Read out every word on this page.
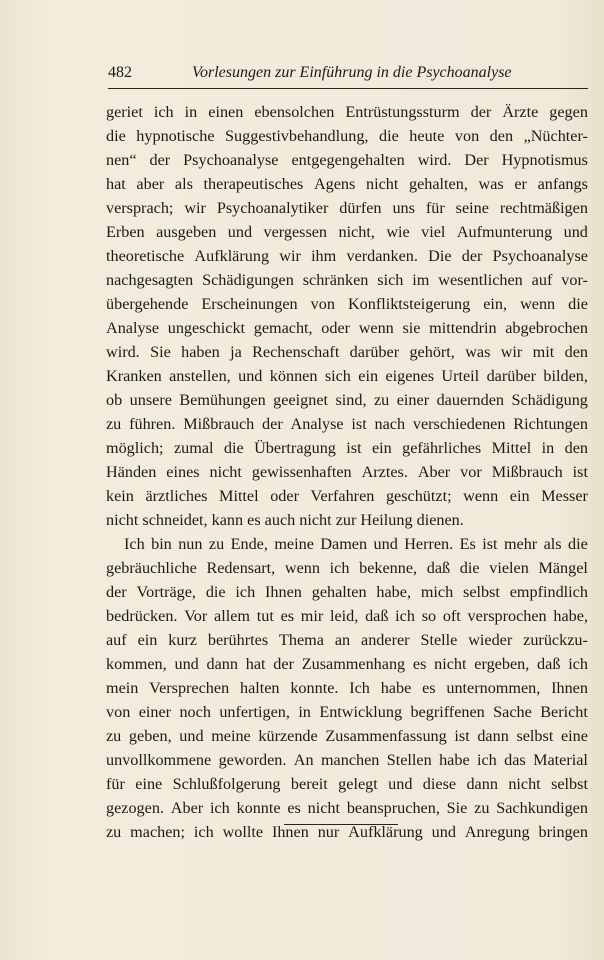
482	Vorlesungen zur Einführung in die Psychoanalyse
geriet ich in einen ebensolchen Entrüstungssturm der Ärzte gegen
die hypnotische Suggestivbehandlung, die heute von den „Nüchter-
nen“ der Psychoanalyse entgegengehalten wird. Der Hypnotismus
hat aber als therapeutisches Agens nicht gehalten, was er anfangs
versprach; wir Psychoanalytiker dürfen uns für seine rechtmäßigen
Erben ausgeben und vergessen nicht, wie viel Aufmunterung und
theoretische Aufklärung wir ihm verdanken. Die der Psychoanalyse
nachgesagten Schädigungen schränken sich im wesentlichen auf vor-
übergehende Erscheinungen von Konfliktsteigerung ein, wenn die
Analyse ungeschickt gemacht, oder wenn sie mittendrin abgebrochen
wird. Sie haben ja Rechenschaft darüber gehört, was wir mit den
Kranken anstellen, und können sich ein eigenes Urteil darüber bilden,
ob unsere Bemühungen geeignet sind, zu einer dauernden Schädigung
zu führen. Mißbrauch der Analyse ist nach verschiedenen Richtungen
möglich; zumal die Übertragung ist ein gefährliches Mittel in den
Händen eines nicht gewissenhaften Arztes. Aber vor Mißbrauch ist
kein ärztliches Mittel oder Verfahren geschützt; wenn ein Messer
nicht schneidet, kann es auch nicht zur Heilung dienen.
Ich bin nun zu Ende, meine Damen und Herren. Es ist mehr als die
gebräuchliche Redensart, wenn ich bekenne, daß die vielen Mängel
der Vorträge, die ich Ihnen gehalten habe, mich selbst empfindlich
bedrücken. Vor allem tut es mir leid, daß ich so oft versprochen habe,
auf ein kurz berührtes Thema an anderer Stelle wieder zurückzu-
kommen, und dann hat der Zusammenhang es nicht ergeben, daß ich
mein Versprechen halten konnte. Ich habe es unternommen, Ihnen
von einer noch unfertigen, in Entwicklung begriffenen Sache Bericht
zu geben, und meine kürzende Zusammenfassung ist dann selbst eine
unvollkommene geworden. An manchen Stellen habe ich das Material
für eine Schlußfolgerung bereit gelegt und diese dann nicht selbst
gezogen. Aber ich konnte es nicht beanspruchen, Sie zu Sachkundigen
zu machen; ich wollte Ihnen nur Aufklärung und Anregung bringen
